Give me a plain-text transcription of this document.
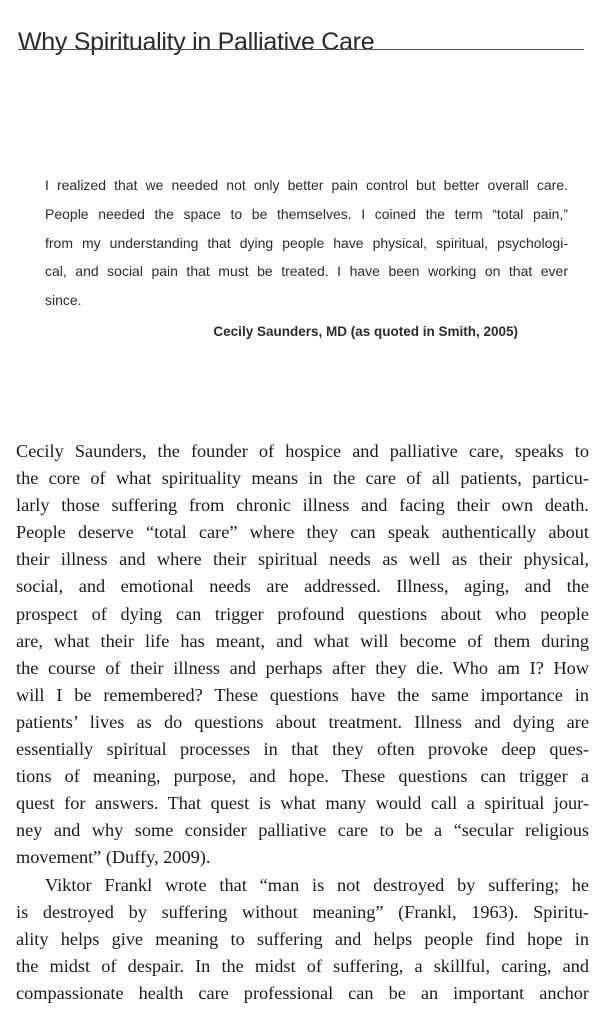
Why Spirituality in Palliative Care
I realized that we needed not only better pain control but better overall care.
People needed the space to be themselves. I coined the term “total pain,”
from my understanding that dying people have physical, spiritual, psychologi-
cal, and social pain that must be treated. I have been working on that ever
since.
Cecily Saunders, MD (as quoted in Smith, 2005)
Cecily Saunders, the founder of hospice and palliative care, speaks to
the core of what spirituality means in the care of all patients, particu-
larly those suffering from chronic illness and facing their own death.
People deserve “total care” where they can speak authentically about
their illness and where their spiritual needs as well as their physical,
social, and emotional needs are addressed. Illness, aging, and the
prospect of dying can trigger profound questions about who people
are, what their life has meant, and what will become of them during
the course of their illness and perhaps after they die. Who am I? How
will I be remembered? These questions have the same importance in
patients’ lives as do questions about treatment. Illness and dying are
essentially spiritual processes in that they often provoke deep ques-
tions of meaning, purpose, and hope. These questions can trigger a
quest for answers. That quest is what many would call a spiritual jour-
ney and why some consider palliative care to be a “secular religious
movement” (Duffy, 2009).
Viktor Frankl wrote that “man is not destroyed by suffering; he
is destroyed by suffering without meaning” (Frankl, 1963). Spiritu-
ality helps give meaning to suffering and helps people find hope in
the midst of despair. In the midst of suffering, a skillful, caring, and
compassionate health care professional can be an important anchor
